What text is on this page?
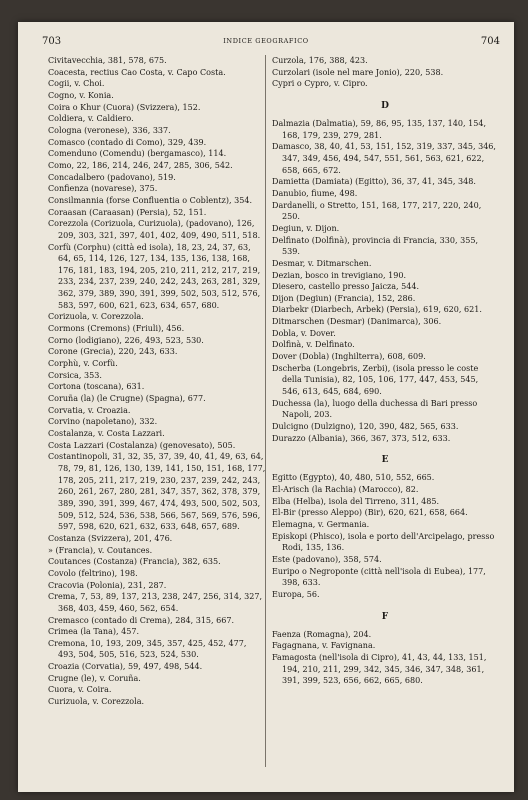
703	INDICE GEOGRAFICO	704
Civitavecchia, 381, 578, 675.
Coacesta, rectius Cao Costa, v. Capo Costa.
Cogii, v. Choi.
Cogno, v. Konia.
Coira o Khur (Cuora) (Svizzera), 152.
Coldiera, v. Caldiero.
Cologna (veronese), 336, 337.
Comasco (contado di Como), 329, 439.
Comenduno (Comendu) (bergamasco), 114.
Como, 22, 186, 214, 246, 247, 285, 306, 542.
Concadalbero (padovano), 519.
Confienza (novarese), 375.
Consilmannia (forse Confluentia o Coblentz), 354.
Coraasan (Caraasan) (Persia), 52, 151.
Corezzola (Corizuola, Curizuola), (padovano), 126, 209, 303, 321, 397, 401, 402, 409, 490, 511, 518.
Corfù (Corphu) (città ed isola), 18, 23, 24, 37, 63, 64, 65, 114, 126, 127, 134, 135, 136, 138, 168, 176, 181, 183, 194, 205, 210, 211, 212, 217, 219, 233, 234, 237, 239, 240, 242, 243, 263, 281, 329, 362, 379, 389, 390, 391, 399, 502, 503, 512, 576, 583, 597, 600, 621, 623, 634, 657, 680.
Corizuola, v. Corezzola.
Cormons (Cremons) (Friuli), 456.
Corno (lodigiano), 226, 493, 523, 530.
Corone (Grecia), 220, 243, 633.
Corphù, v. Corfù.
Corsica, 353.
Cortona (toscana), 631.
Coruña (la) (le Crugne) (Spagna), 677.
Corvatia, v. Croazia.
Corvino (napoletano), 332.
Costalanza, v. Costa Lazzari.
Costa Lazzari (Costalanza) (genovesato), 505.
Costantinopoli, 31, 32, 35, 37, 39, 40, 41, 49, 63, 64, 78, 79, 81, 126, 130, 139, 141, 150, 151, 168, 177, 178, 205, 211, 217, 219, 230, 237, 239, 242, 243, 260, 261, 267, 280, 281, 347, 357, 362, 378, 379, 389, 390, 391, 399, 467, 474, 493, 500, 502, 503, 509, 512, 524, 536, 538, 566, 567, 569, 576, 596, 597, 598, 620, 621, 632, 633, 648, 657, 689.
Costanza (Svizzera), 201, 476.
» (Francia), v. Coutances.
Coutances (Costanza) (Francia), 382, 635.
Covolo (feltrino), 198.
Cracovia (Polonia), 231, 287.
Crema, 7, 53, 89, 137, 213, 238, 247, 256, 314, 327, 368, 403, 459, 460, 562, 654.
Cremasco (contado di Crema), 284, 315, 667.
Crimea (la Tana), 457.
Cremona, 10, 193, 209, 345, 357, 425, 452, 477, 493, 504, 505, 516, 523, 524, 530.
Croazia (Corvatia), 59, 497, 498, 544.
Crugne (le), v. Coruña.
Cuora, v. Coira.
Curizuola, v. Corezzola.
Curzola, 176, 388, 423.
Curzolari (isole nel mare Jonio), 220, 538.
Cypri o Cypro, v. Cipro.
D
Dalmazia (Dalmatia), 59, 86, 95, 135, 137, 140, 154, 168, 179, 239, 279, 281.
Damasco, 38, 40, 41, 53, 151, 152, 319, 337, 345, 346, 347, 349, 456, 494, 547, 551, 561, 563, 621, 622, 658, 665, 672.
Damietta (Damiata) (Egitto), 36, 37, 41, 345, 348.
Danubio, fiume, 498.
Dardanelli, o Stretto, 151, 168, 177, 217, 220, 240, 250.
Degiun, v. Dijon.
Delfinato (Dolfinà), provincia di Francia, 330, 355, 539.
Desmar, v. Ditmarschen.
Dezian, bosco in trevigiano, 190.
Diesero, castello presso Jaicza, 544.
Dijon (Degiun) (Francia), 152, 286.
Diarbekr (Diarbech, Arbek) (Persia), 619, 620, 621.
Ditmarschen (Desmar) (Danimarca), 306.
Dobla, v. Dover.
Dolfinà, v. Delfinato.
Dover (Dobla) (Inghilterra), 608, 609.
Dscherba (Longebris, Zerbi), (isola presso le coste della Tunisia), 82, 105, 106, 177, 447, 453, 545, 546, 613, 645, 684, 690.
Duchessa (la), luogo della duchessa di Bari presso Napoli, 203.
Dulcigno (Dulzigno), 120, 390, 482, 565, 633.
Durazzo (Albania), 366, 367, 373, 512, 633.
E
Egitto (Egypto), 40, 480, 510, 552, 665.
El-Arisch (la Rachia) (Marocco), 82.
Elba (Helba), isola del Tirreno, 311, 485.
El-Bir (presso Aleppo) (Bir), 620, 621, 658, 664.
Elemagna, v. Germania.
Episkopi (Phisco), isola e porto dell'Arcipelago, presso Rodi, 135, 136.
Este (padovano), 358, 574.
Euripo o Negroponte (città nell'isola di Eubea), 177, 398, 633.
Europa, 56.
F
Faenza (Romagna), 204.
Fagagnana, v. Favignana.
Famagosta (nell'isola di Cipro), 41, 43, 44, 133, 151, 194, 210, 211, 299, 342, 345, 346, 347, 348, 361, 391, 399, 523, 656, 662, 665, 680.
